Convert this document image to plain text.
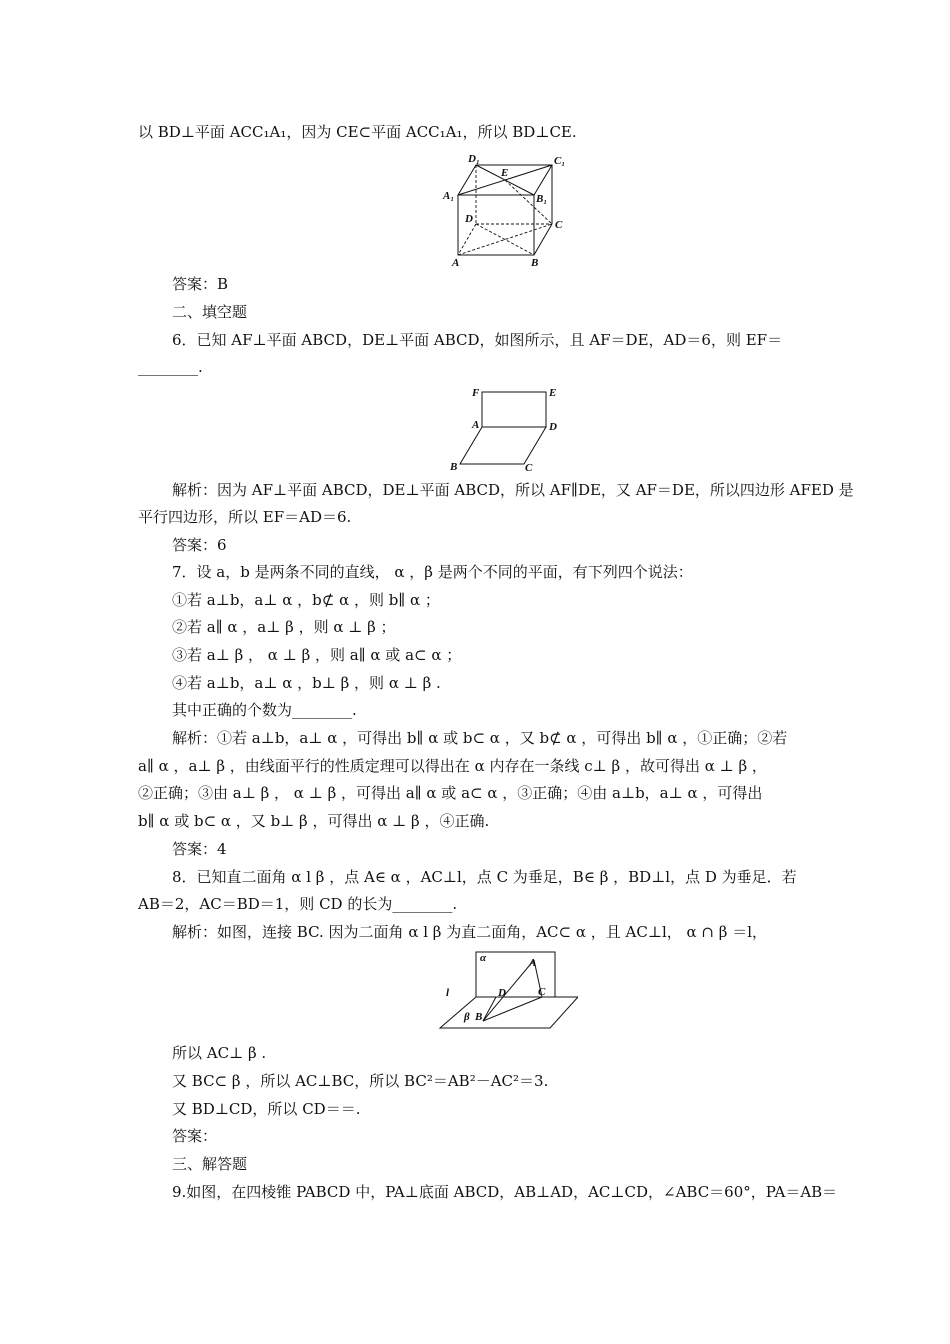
以 BD⊥平面 ACC₁A₁，因为 CE⊂平面 ACC₁A₁，所以 BD⊥CE.
D₁	C₁
E
A₁	B₁
D	C
A	B
答案：B
二、填空题
6．已知 AF⊥平面 ABCD，DE⊥平面 ABCD，如图所示，且 AF＝DE，AD＝6，则 EF＝
________.
F	E
A	D
B	C
解析：因为 AF⊥平面 ABCD，DE⊥平面 ABCD，所以 AF∥DE，又 AF＝DE，所以四边形 AFED 是
平行四边形，所以 EF＝AD＝6.
答案：6
7．设 a，b 是两条不同的直线， α ，β 是两个不同的平面，有下列四个说法：
①若 a⊥b，a⊥ α ，b⊄ α ，则 b∥ α ；
②若 a∥ α ，a⊥ β ，则 α ⊥ β ；
③若 a⊥ β ， α ⊥ β ，则 a∥ α 或 a⊂ α ；
④若 a⊥b，a⊥ α ，b⊥ β ，则 α ⊥ β .
其中正确的个数为________.
解析：①若 a⊥b，a⊥ α ，可得出 b∥ α 或 b⊂ α ，又 b⊄ α ，可得出 b∥ α ，①正确；②若
a∥ α ，a⊥ β ，由线面平行的性质定理可以得出在 α 内存在一条线 c⊥ β ，故可得出 α ⊥ β ，
②正确；③由 a⊥ β ， α ⊥ β ，可得出 a∥ α 或 a⊂ α ，③正确；④由 a⊥b，a⊥ α ，可得出
b∥ α 或 b⊂ α ，又 b⊥ β ，可得出 α ⊥ β ，④正确.
答案：4
8．已知直二面角 α l β ，点 A∈ α ，AC⊥l，点 C 为垂足，B∈ β ，BD⊥l，点 D 为垂足．若
AB＝2，AC＝BD＝1，则 CD 的长为________.
解析：如图，连接 BC. 因为二面角 α l β 为直二面角，AC⊂ α ，且 AC⊥l， α ∩ β ＝l，
α	A
l	D	C
β B
所以 AC⊥ β .
又 BC⊂ β ，所以 AC⊥BC，所以 BC²＝AB²－AC²＝3.
又 BD⊥CD，所以 CD＝＝.
答案：
三、解答题
9.如图，在四棱锥 PABCD 中，PA⊥底面 ABCD，AB⊥AD，AC⊥CD，∠ABC＝60°，PA＝AB＝
